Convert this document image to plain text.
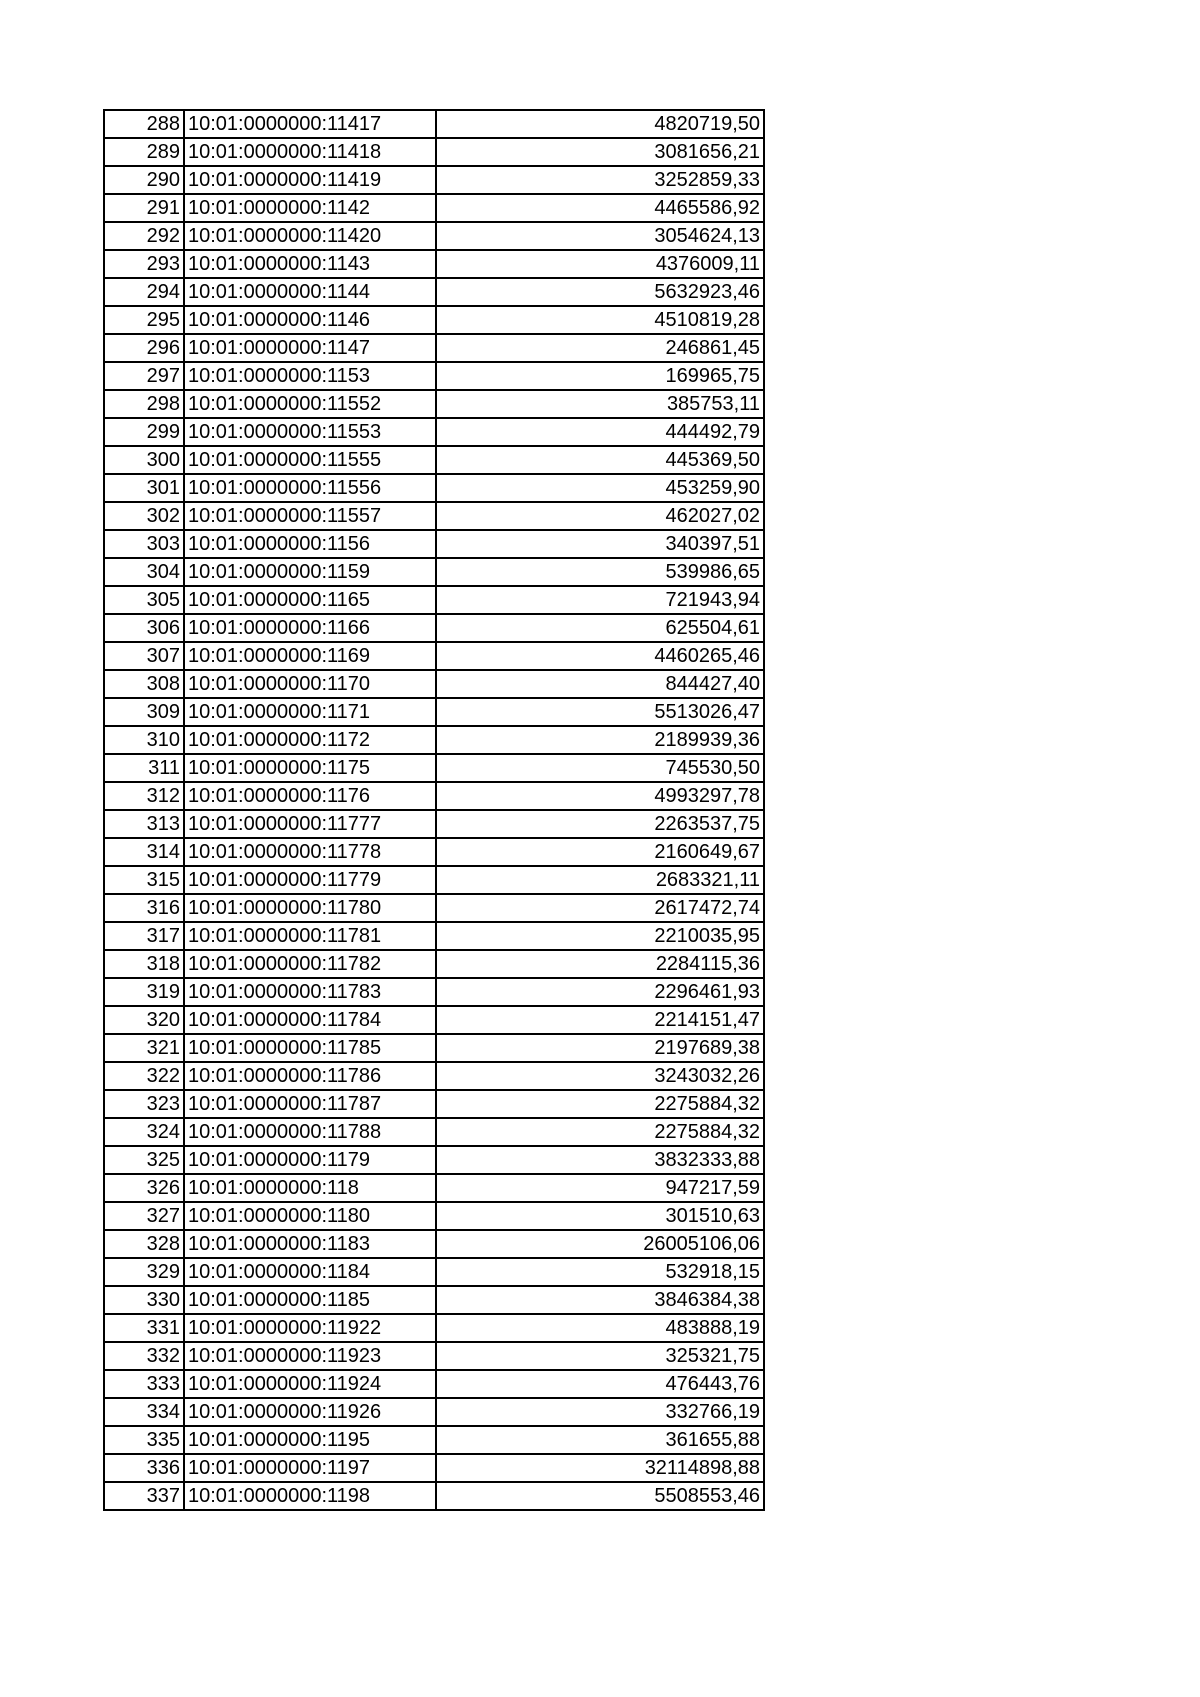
288	10:01:0000000:11417	4820719,50
289	10:01:0000000:11418	3081656,21
290	10:01:0000000:11419	3252859,33
291	10:01:0000000:1142	4465586,92
292	10:01:0000000:11420	3054624,13
293	10:01:0000000:1143	4376009,11
294	10:01:0000000:1144	5632923,46
295	10:01:0000000:1146	4510819,28
296	10:01:0000000:1147	246861,45
297	10:01:0000000:1153	169965,75
298	10:01:0000000:11552	385753,11
299	10:01:0000000:11553	444492,79
300	10:01:0000000:11555	445369,50
301	10:01:0000000:11556	453259,90
302	10:01:0000000:11557	462027,02
303	10:01:0000000:1156	340397,51
304	10:01:0000000:1159	539986,65
305	10:01:0000000:1165	721943,94
306	10:01:0000000:1166	625504,61
307	10:01:0000000:1169	4460265,46
308	10:01:0000000:1170	844427,40
309	10:01:0000000:1171	5513026,47
310	10:01:0000000:1172	2189939,36
311	10:01:0000000:1175	745530,50
312	10:01:0000000:1176	4993297,78
313	10:01:0000000:11777	2263537,75
314	10:01:0000000:11778	2160649,67
315	10:01:0000000:11779	2683321,11
316	10:01:0000000:11780	2617472,74
317	10:01:0000000:11781	2210035,95
318	10:01:0000000:11782	2284115,36
319	10:01:0000000:11783	2296461,93
320	10:01:0000000:11784	2214151,47
321	10:01:0000000:11785	2197689,38
322	10:01:0000000:11786	3243032,26
323	10:01:0000000:11787	2275884,32
324	10:01:0000000:11788	2275884,32
325	10:01:0000000:1179	3832333,88
326	10:01:0000000:118	947217,59
327	10:01:0000000:1180	301510,63
328	10:01:0000000:1183	26005106,06
329	10:01:0000000:1184	532918,15
330	10:01:0000000:1185	3846384,38
331	10:01:0000000:11922	483888,19
332	10:01:0000000:11923	325321,75
333	10:01:0000000:11924	476443,76
334	10:01:0000000:11926	332766,19
335	10:01:0000000:1195	361655,88
336	10:01:0000000:1197	32114898,88
337	10:01:0000000:1198	5508553,46
